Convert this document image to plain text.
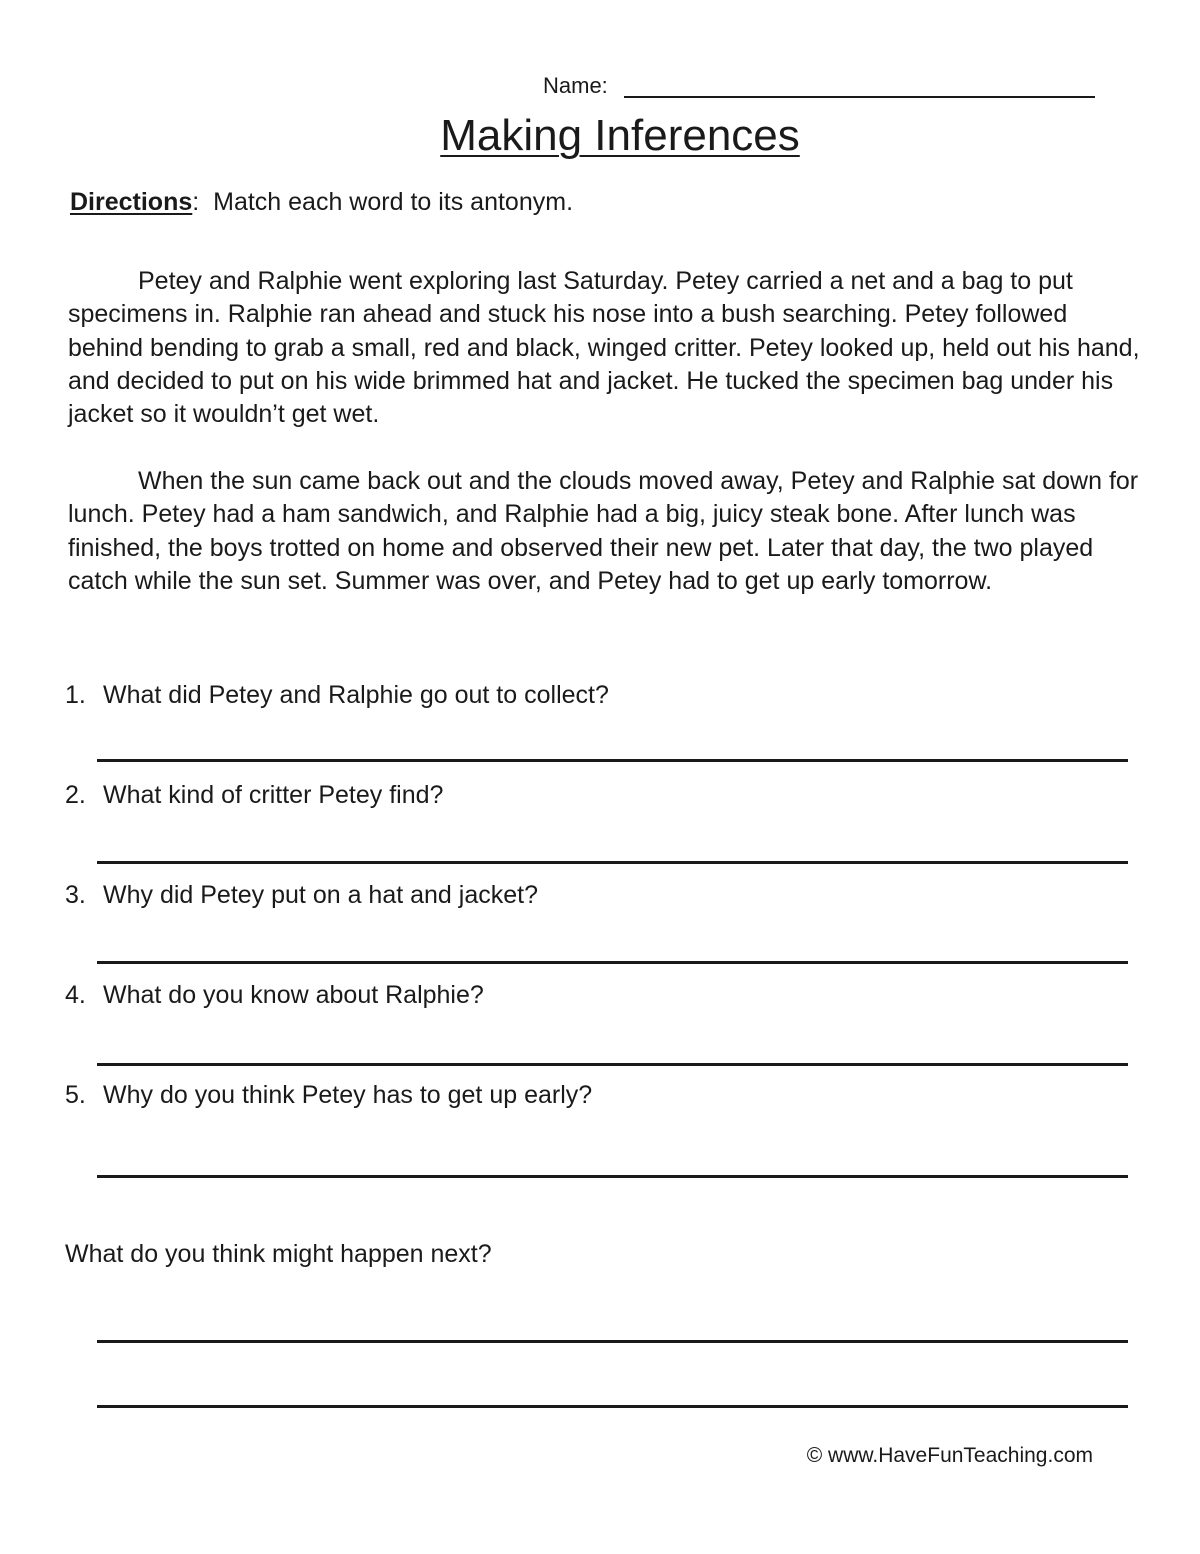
Name:
Making Inferences
Directions: Match each word to its antonym.

Petey and Ralphie went exploring last Saturday. Petey carried a net and a bag to put specimens in. Ralphie ran ahead and stuck his nose into a bush searching. Petey followed behind bending to grab a small, red and black, winged critter. Petey looked up, held out his hand, and decided to put on his wide brimmed hat and jacket. He tucked the specimen bag under his jacket so it wouldn’t get wet.

When the sun came back out and the clouds moved away, Petey and Ralphie sat down for lunch. Petey had a ham sandwich, and Ralphie had a big, juicy steak bone. After lunch was finished, the boys trotted on home and observed their new pet. Later that day, the two played catch while the sun set. Summer was over, and Petey had to get up early tomorrow.

1. What did Petey and Ralphie go out to collect?
2. What kind of critter Petey find?
3. Why did Petey put on a hat and jacket?
4. What do you know about Ralphie?
5. Why do you think Petey has to get up early?
What do you think might happen next?
© www.HaveFunTeaching.com
